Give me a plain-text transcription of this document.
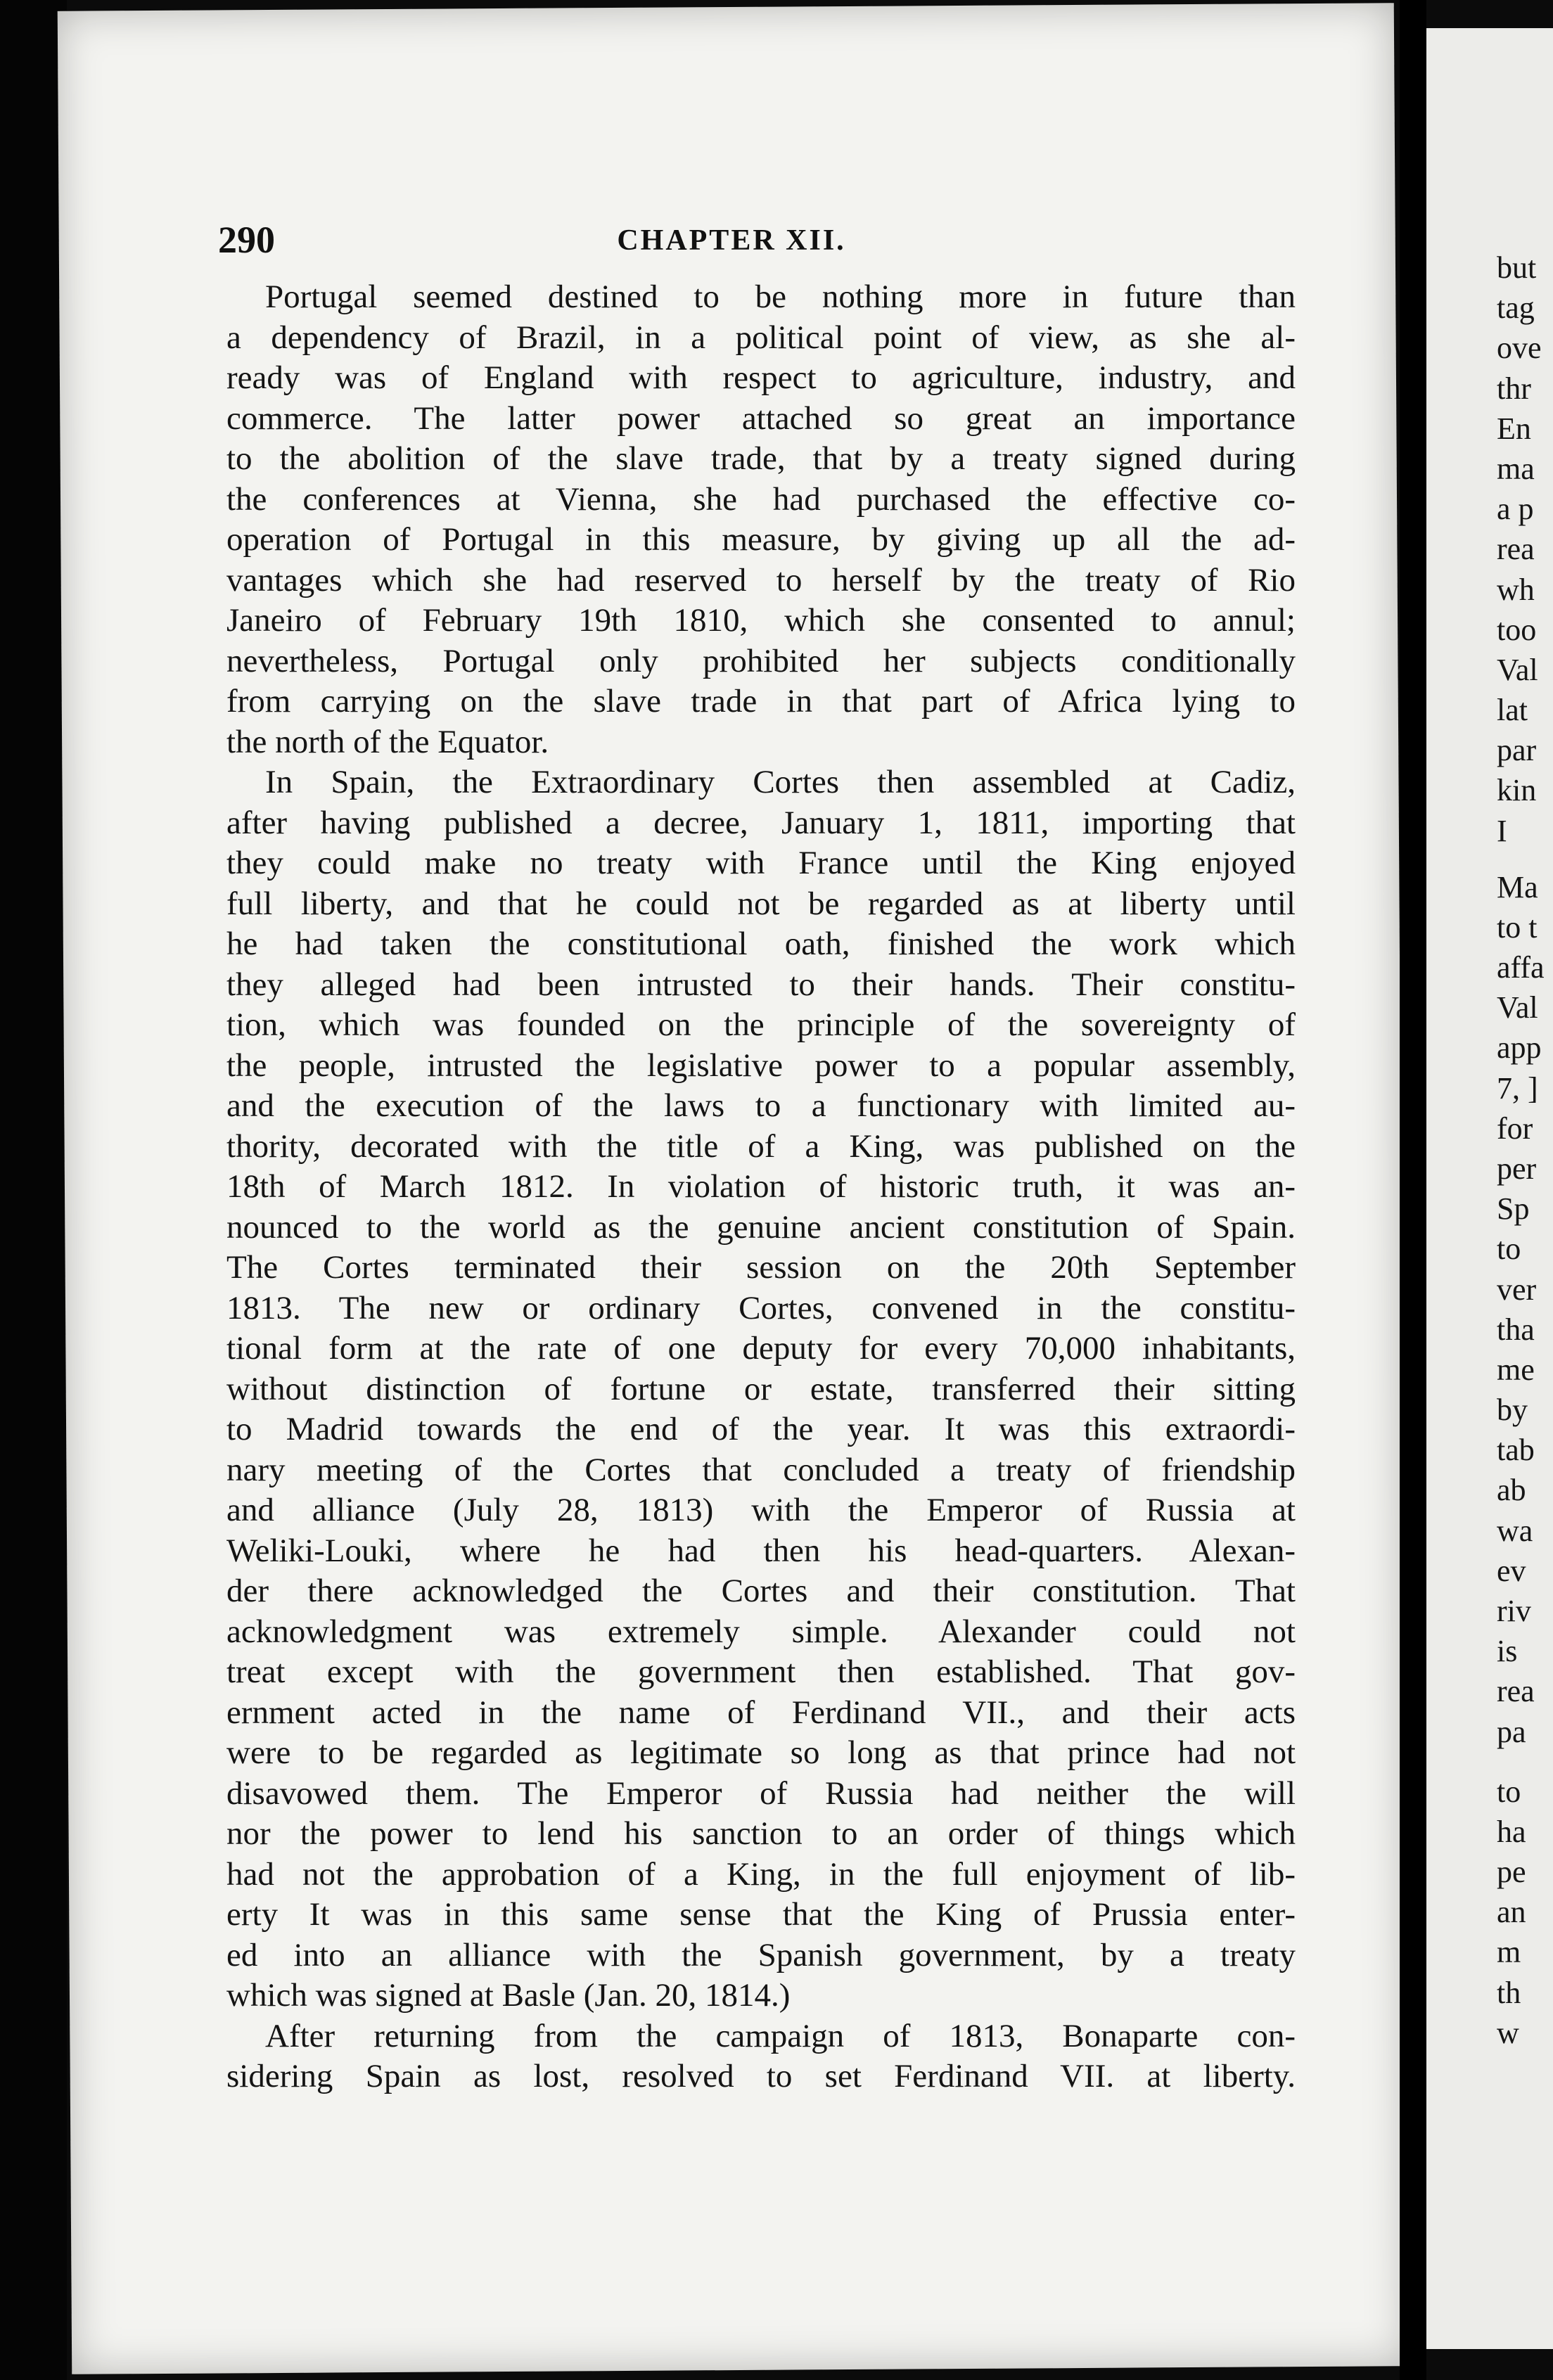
290	CHAPTER XII.
Portugal seemed destined to be nothing more in future than
a dependency of Brazil, in a political point of view, as she al-
ready was of England with respect to agriculture, industry, and
commerce. The latter power attached so great an importance
to the abolition of the slave trade, that by a treaty signed during
the conferences at Vienna, she had purchased the effective co-
operation of Portugal in this measure, by giving up all the ad-
vantages which she had reserved to herself by the treaty of Rio
Janeiro of February 19th 1810, which she consented to annul;
nevertheless, Portugal only prohibited her subjects conditionally
from carrying on the slave trade in that part of Africa lying to
the north of the Equator.
In Spain, the Extraordinary Cortes then assembled at Cadiz,
after having published a decree, January 1, 1811, importing that
they could make no treaty with France until the King enjoyed
full liberty, and that he could not be regarded as at liberty until
he had taken the constitutional oath, finished the work which
they alleged had been intrusted to their hands. Their constitu-
tion, which was founded on the principle of the sovereignty of
the people, intrusted the legislative power to a popular assembly,
and the execution of the laws to a functionary with limited au-
thority, decorated with the title of a King, was published on the
18th of March 1812. In violation of historic truth, it was an-
nounced to the world as the genuine ancient constitution of Spain.
The Cortes terminated their session on the 20th September
1813. The new or ordinary Cortes, convened in the constitu-
tional form at the rate of one deputy for every 70,000 inhabitants,
without distinction of fortune or estate, transferred their sitting
to Madrid towards the end of the year. It was this extraordi-
nary meeting of the Cortes that concluded a treaty of friendship
and alliance (July 28, 1813) with the Emperor of Russia at
Weliki-Louki, where he had then his head-quarters. Alexan-
der there acknowledged the Cortes and their constitution. That
acknowledgment was extremely simple. Alexander could not
treat except with the government then established. That gov-
ernment acted in the name of Ferdinand VII., and their acts
were to be regarded as legitimate so long as that prince had not
disavowed them. The Emperor of Russia had neither the will
nor the power to lend his sanction to an order of things which
had not the approbation of a King, in the full enjoyment of lib-
erty It was in this same sense that the King of Prussia enter-
ed into an alliance with the Spanish government, by a treaty
which was signed at Basle (Jan. 20, 1814.)
After returning from the campaign of 1813, Bonaparte con-
sidering Spain as lost, resolved to set Ferdinand VII. at liberty.
but
tag
ove
thr
En
ma
a p
rea
wh
too
Val
lat
par
kin
I
Ma
to t
affa
Val
app
7, ]
for
per
Sp
to
ver
tha
me
by
tab
ab
wa
ev
riv
is
rea
pa
to
ha
pe
an
m
th
w
